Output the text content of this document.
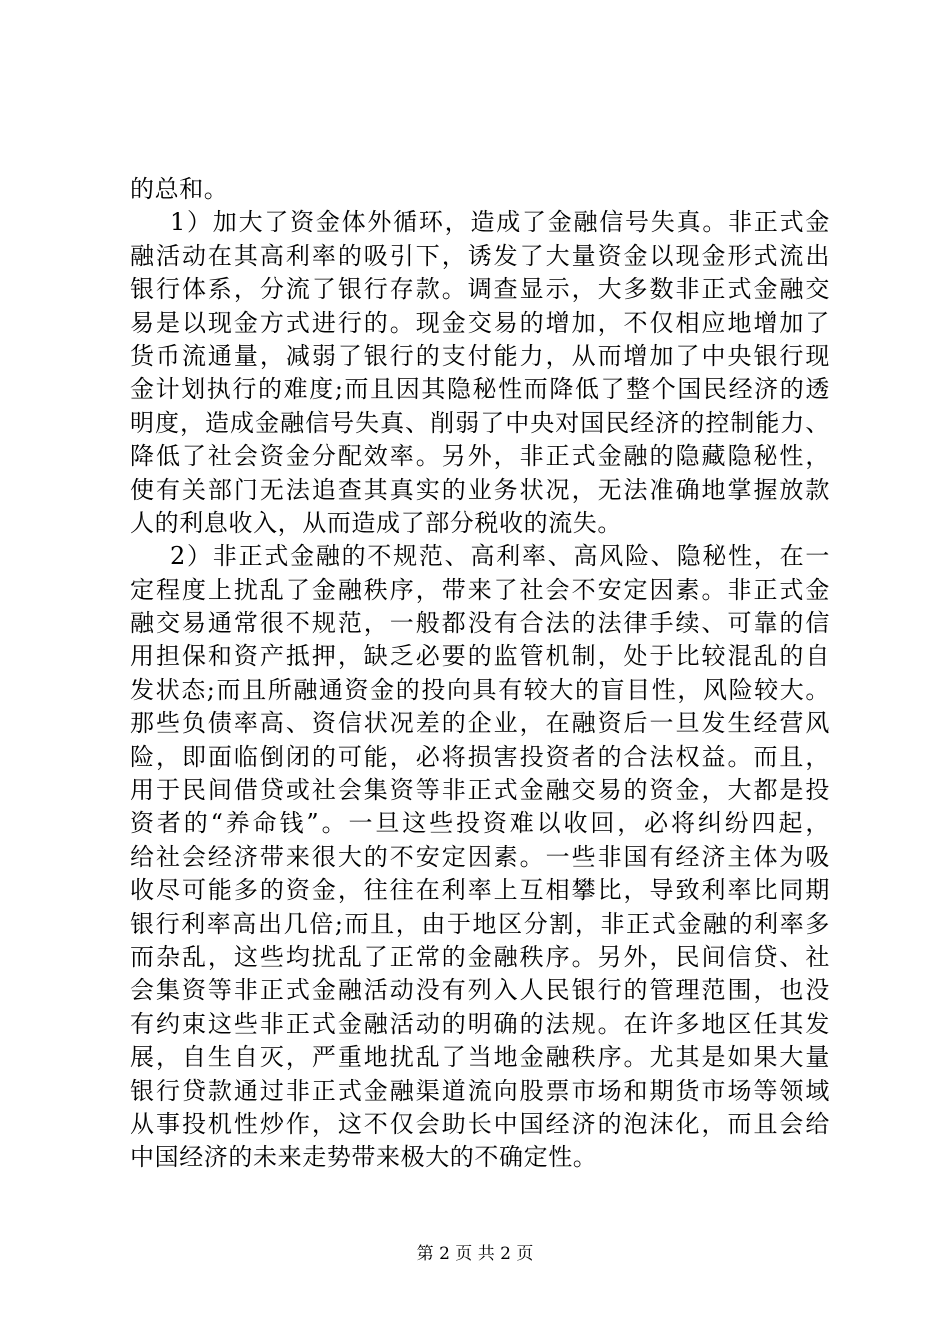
的总和。
1）加大了资金体外循环，造成了金融信号失真。非正式金
融活动在其高利率的吸引下，诱发了大量资金以现金形式流出
银行体系，分流了银行存款。调查显示，大多数非正式金融交
易是以现金方式进行的。现金交易的增加，不仅相应地增加了
货币流通量，减弱了银行的支付能力，从而增加了中央银行现
金计划执行的难度;而且因其隐秘性而降低了整个国民经济的透
明度，造成金融信号失真、削弱了中央对国民经济的控制能力、
降低了社会资金分配效率。另外，非正式金融的隐藏隐秘性，
使有关部门无法追查其真实的业务状况，无法准确地掌握放款
人的利息收入，从而造成了部分税收的流失。
2）非正式金融的不规范、高利率、高风险、隐秘性，在一
定程度上扰乱了金融秩序，带来了社会不安定因素。非正式金
融交易通常很不规范，一般都没有合法的法律手续、可靠的信
用担保和资产抵押，缺乏必要的监管机制，处于比较混乱的自
发状态;而且所融通资金的投向具有较大的盲目性，风险较大。
那些负债率高、资信状况差的企业，在融资后一旦发生经营风
险，即面临倒闭的可能，必将损害投资者的合法权益。而且，
用于民间借贷或社会集资等非正式金融交易的资金，大都是投
资者的“养命钱”。一旦这些投资难以收回，必将纠纷四起，
给社会经济带来很大的不安定因素。一些非国有经济主体为吸
收尽可能多的资金，往往在利率上互相攀比，导致利率比同期
银行利率高出几倍;而且，由于地区分割，非正式金融的利率多
而杂乱，这些均扰乱了正常的金融秩序。另外，民间信贷、社
会集资等非正式金融活动没有列入人民银行的管理范围，也没
有约束这些非正式金融活动的明确的法规。在许多地区任其发
展，自生自灭，严重地扰乱了当地金融秩序。尤其是如果大量
银行贷款通过非正式金融渠道流向股票市场和期货市场等领域
从事投机性炒作，这不仅会助长中国经济的泡沫化，而且会给
中国经济的未来走势带来极大的不确定性。
第 2 页 共 2 页
